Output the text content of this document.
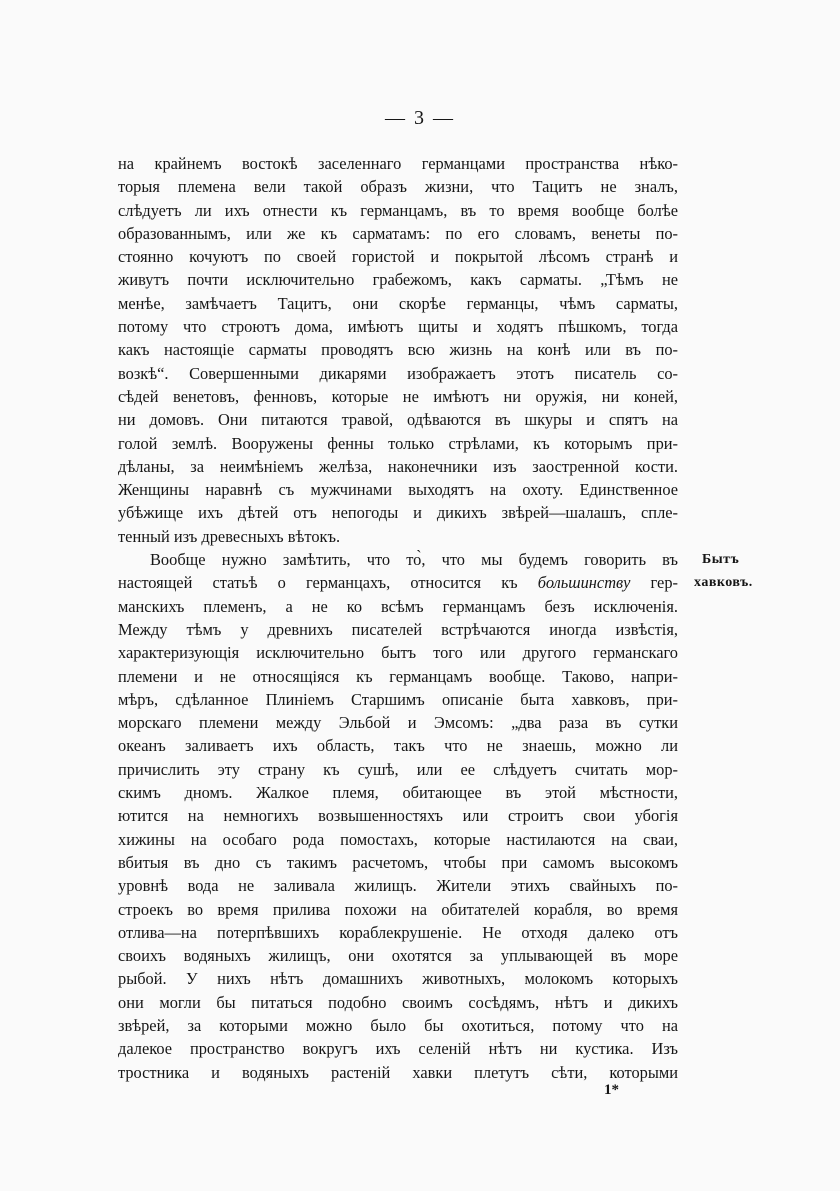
— 3 —
на крайнемъ востокѣ заселеннаго германцами пространства нѣко-
торыя племена вели такой образъ жизни, что Тацитъ не зналъ,
слѣдуетъ ли ихъ отнести къ германцамъ, въ то время вообще болѣе
образованнымъ, или же къ сарматамъ: по его словамъ, венеты по-
стоянно кочуютъ по своей гористой и покрытой лѣсомъ странѣ и
живутъ почти исключительно грабежомъ, какъ сарматы. „Тѣмъ не
менѣе, замѣчаетъ Тацитъ, они скорѣе германцы, чѣмъ сарматы,
потому что строютъ дома, имѣютъ щиты и ходятъ пѣшкомъ, тогда
какъ настоящіе сарматы проводятъ всю жизнь на конѣ или въ по-
возкѣ“. Совершенными дикарями изображаетъ этотъ писатель со-
сѣдей венетовъ, фенновъ, которые не имѣютъ ни оружія, ни коней,
ни домовъ. Они питаются травой, одѣваются въ шкуры и спятъ на
голой землѣ. Вооружены фенны только стрѣлами, къ которымъ при-
дѣланы, за неимѣніемъ желѣза, наконечники изъ заостренной кости.
Женщины наравнѣ съ мужчинами выходятъ на охоту. Единственное
убѣжище ихъ дѣтей отъ непогоды и дикихъ звѣрей—шалашъ, спле-
тенный изъ древесныхъ вѣтокъ.
Вообще нужно замѣтить, что то̀, что мы будемъ говорить въ
настоящей статьѣ о германцахъ, относится къ большинству гер-
манскихъ племенъ, а не ко всѣмъ германцамъ безъ исключенія.
Между тѣмъ у древнихъ писателей встрѣчаются иногда извѣстія,
характеризующія исключительно бытъ того или другого германскаго
племени и не относящіяся къ германцамъ вообще. Таково, напри-
мѣръ, сдѣланное Плиніемъ Старшимъ описаніе быта хавковъ, при-
морскаго племени между Эльбой и Эмсомъ: „два раза въ сутки
океанъ заливаетъ ихъ область, такъ что не знаешь, можно ли
причислить эту страну къ сушѣ, или ее слѣдуетъ считать мор-
скимъ дномъ. Жалкое племя, обитающее въ этой мѣстности,
ютится на немногихъ возвышенностяхъ или строитъ свои убогія
хижины на особаго рода помостахъ, которые настилаются на сваи,
вбитыя въ дно съ такимъ расчетомъ, чтобы при самомъ высокомъ
уровнѣ вода не заливала жилищъ. Жители этихъ свайныхъ по-
строекъ во время прилива похожи на обитателей корабля, во время
отлива—на потерпѣвшихъ кораблекрушеніе. Не отходя далеко отъ
своихъ водяныхъ жилищъ, они охотятся за уплывающей въ море
рыбой. У нихъ нѣтъ домашнихъ животныхъ, молокомъ которыхъ
они могли бы питаться подобно своимъ сосѣдямъ, нѣтъ и дикихъ
звѣрей, за которыми можно было бы охотиться, потому что на
далекое пространство вокругъ ихъ селеній нѣтъ ни кустика. Изъ
тростника и водяныхъ растеній хавки плетутъ сѣти, которыми
Бытъ
хавковъ.
1*
